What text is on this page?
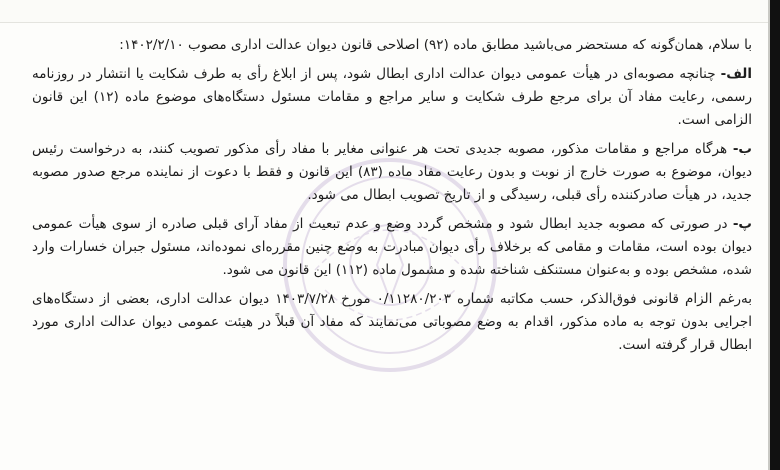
با سلام، همان‌گونه که مستحضر می‌باشید مطابق ماده (۹۲) اصلاحی قانون دیوان عدالت اداری مصوب ۱۴۰۲/۲/۱۰:

الف- چنانچه مصوبه‌ای در هیأت عمومی دیوان عدالت اداری ابطال شود، پس از ابلاغ رأی به طرف شکایت یا انتشار در روزنامه رسمی، رعایت مفاد آن برای مرجع طرف شکایت و سایر مراجع و مقامات مسئول دستگاه‌های موضوع ماده (۱۲) این قانون الزامی است.

ب- هرگاه مراجع و مقامات مذکور، مصوبه جدیدی تحت هر عنوانی مغایر با مفاد رأی مذکور تصویب کنند، به درخواست رئیس دیوان، موضوع به صورت خارج از نوبت و بدون رعایت مفاد ماده (۸۳) این قانون و فقط با دعوت از نماینده مرجع صدور مصوبه جدید، در هیأت صادرکننده رأی قبلی، رسیدگی و از تاریخ تصویب ابطال می شود.

پ- در صورتی که مصوبه جدید ابطال شود و مشخص گردد وضع و عدم تبعیت از مفاد آرای قبلی صادره از سوی هیأت عمومی دیوان بوده است، مقامات و مقامی که برخلاف رأی دیوان مبادرت به وضع چنین مقرره‌ای نموده‌اند، مسئول جبران خسارات وارد شده، مشخص بوده و به‌عنوان مستنکف شناخته شده و مشمول ماده (۱۱۲) این قانون می شود.

به‌رغم الزام قانونی فوق‌الذکر، حسب مکاتبه شماره ۰/۱۱۲۸۰/۲۰۳ مورخ ۱۴۰۳/۷/۲۸ دیوان عدالت اداری، بعضی از دستگاه‌های اجرایی بدون توجه به ماده مذکور، اقدام به وضع مصوباتی می‌نمایند که مفاد آن قبلاً در هیئت عمومی دیوان عدالت اداری مورد ابطال قرار گرفته است.
